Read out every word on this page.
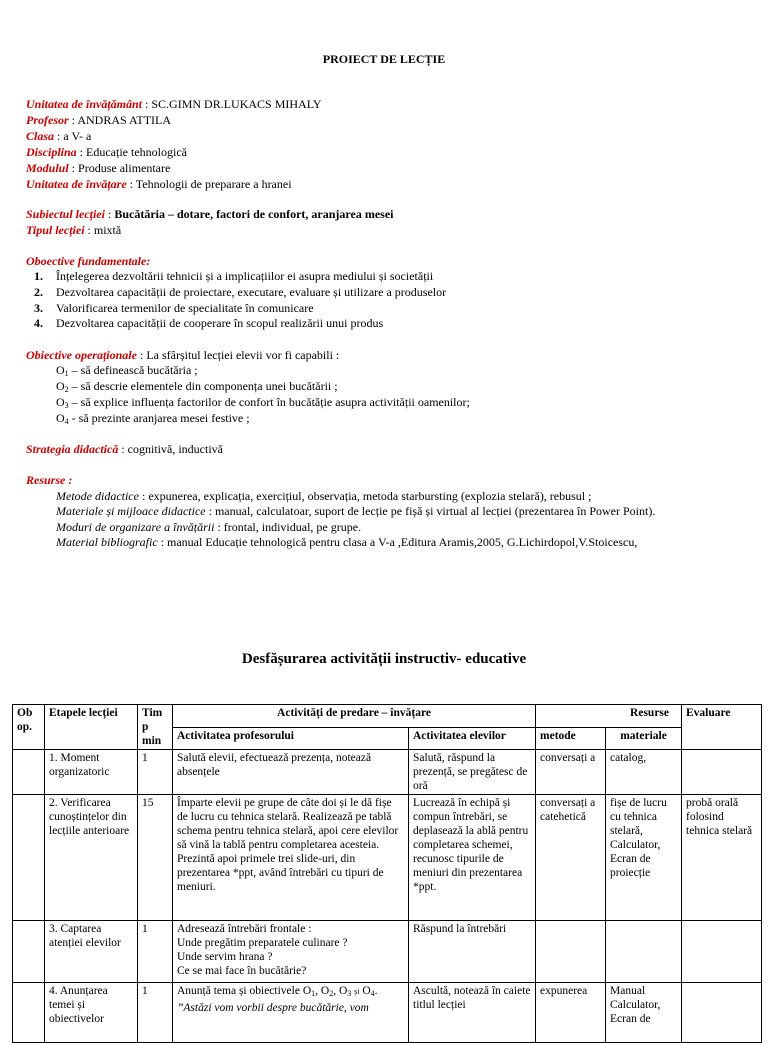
PROIECT DE LECȚIE
Unitatea de învățământ : SC.GIMN DR.LUKACS MIHALY
Profesor : ANDRAS ATTILA
Clasa : a V- a
Disciplina : Educație tehnologică
Modulul : Produse alimentare
Unitatea de învățare : Tehnologii de preparare a hranei
Subiectul lecției : Bucătăria – dotare, factori de confort, aranjarea mesei
Tipul lecției : mixtă
Oboective fundamentale:
1. Înțelegerea dezvoltării tehnicii și a implicațiilor ei asupra mediului și societății
2. Dezvoltarea capacității de proiectare, executare, evaluare și utilizare a produselor
3. Valorificarea termenilor de specialitate în comunicare
4. Dezvoltarea capacității de cooperare în scopul realizării unui produs
Obiective operaționale : La sfârșitul lecției elevii vor fi capabili :
$O_1$ – să definească bucătăria ;
$O_2$ – să descrie elementele din componența unei bucătării ;
$O_3$ – să explice influența factorilor de confort în bucătăție asupra activității oamenilor;
$O_4$ - să prezinte aranjarea mesei festive ;
Strategia didactică : cognitivă, inductivă
Resurse :
Metode didactice : expunerea, explicația, exercițiul, observația, metoda starbursting (explozia stelară), rebusul ;
Materiale și mijloace didactice : manual, calculatoar, suport de lecție pe fișă și virtual al lecției (prezentarea în Power Point).
Moduri de organizare a învățării : frontal, individual, pe grupe.
Material bibliografic : manual Educație tehnologică pentru clasa a V-a ,Editura Aramis,2005, G.Lichirdopol,V.Stoicescu,
Desfășurarea activității instructiv- educative
Ob op.	Etapele lecției	Timp min	Activități de predare – învățare		Resurse		Evaluare
			Activitatea profesorului	Activitatea elevilor	metode	materiale	
	1. Moment organizatoric	1	Salută elevii, efectuează prezența, notează absențele	Salută, răspund la prezență, se pregătesc de oră	conversați a	catalog,	
	2. Verificarea cunoștințelor din lecțiile anterioare	15	Împarte elevii pe grupe de câte doi și le dă fișe de lucru cu tehnica stelară. Realizează pe tablă schema pentru tehnica stelară, apoi cere elevilor să vină la tablă pentru completarea acesteia. Prezintă apoi primele trei slide-uri, din prezentarea *ppt, având întrebări cu tipuri de meniuri.	Lucrează în echipă și compun întrebări, se deplasează la ablă pentru completarea schemei, recunosc tipurile de meniuri din prezentarea *ppt.	conversați a catehetică	fișe de lucru cu tehnica stelară, Calculator, Ecran de proiecție	probă orală folosind tehnica stelară
	3. Captarea atenției elevilor	1	Adresează întrebări frontale :
Unde pregătim preparatele culinare ?
Unde servim hrana ?
Ce se mai face în bucătărie?	Răspund la întrebări			
	4. Anunțarea temei și obiectivelor	1	Anunță tema și obiectivele $O_1$, $O_2$, $O_3$ și $O_4$.
”Astăzi vom vorbii despre bucătărie, vom	Ascultă, notează în caiete titlul lecției	expunerea	Manual Calculator, Ecran de	
